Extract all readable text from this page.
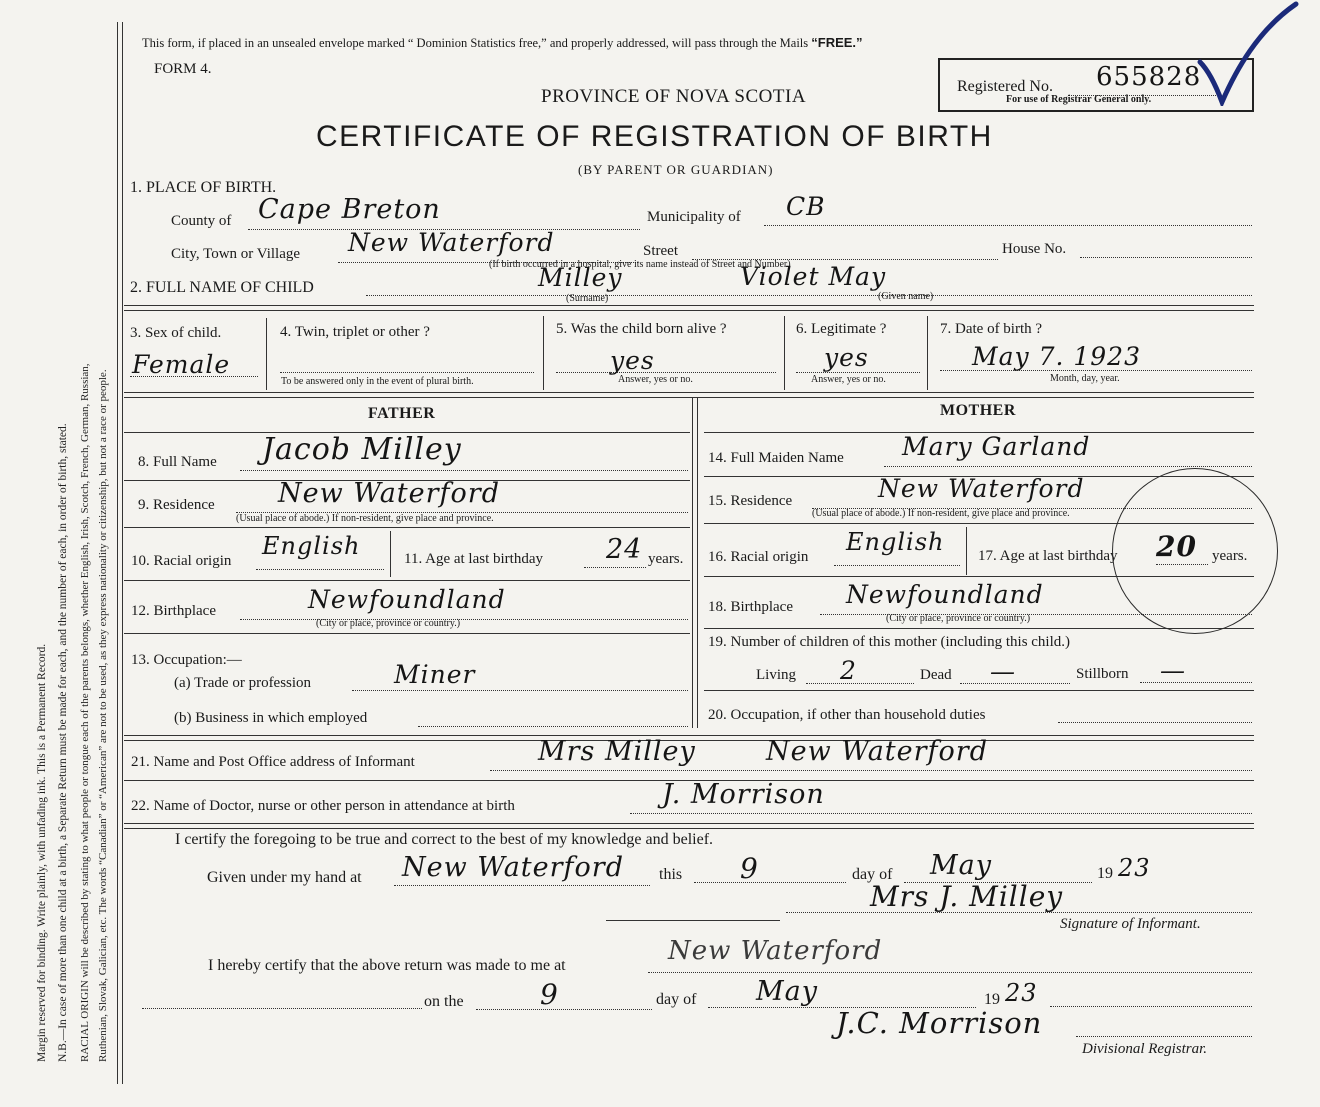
Margin reserved for binding. Write plainly, with unfading ink. This is a Permanent Record. N.B.—In case of more than one child at a birth, a Separate Return must be made for each, and the number of each, in order of birth, stated. RACIAL ORIGIN will be described by stating to what people or tongue each of the parents belongs, whether English, Irish, Scotch, French, German, Russian, Ruthenian, Slovak, Galician, etc. The words “Canadian” or “American” are not to be used, as they express nationality or citizenship, but not a race or people.
This form, if placed in an unsealed envelope marked “ Dominion Statistics free,” and properly addressed, will pass through the Mails “FREE.”
FORM 4.
PROVINCE OF NOVA SCOTIA
CERTIFICATE OF REGISTRATION OF BIRTH
(BY PARENT OR GUARDIAN)
Registered No. 655828
For use of Registrar General only.
1. PLACE OF BIRTH.
County of Cape Breton	Municipality of CB
City, Town or Village New Waterford	Street	House No.
(If birth occurred in a hospital, give its name instead of Street and Number)
2. FULL NAME OF CHILD	Milley	Violet May
(Surname)	(Given name)
3. Sex of child.
Female
4. Twin, triplet or other ?
To be answered only in the event of plural birth.
5. Was the child born alive ?
yes
Answer, yes or no.
6. Legitimate ?
yes
Answer, yes or no.
7. Date of birth ?
May 7. 1923
Month, day, year.
FATHER	MOTHER
8. Full Name Jacob Milley
9. Residence New Waterford
(Usual place of abode.) If non-resident, give place and province.
10. Racial origin
English	11. Age at last birthday 24 years.
12. Birthplace	Newfoundland
(City or place, province or country.)
13. Occupation:—
(a) Trade or profession	Miner
(b) Business in which employed
14. Full Maiden Name Mary Garland
15. Residence	New Waterford
(Usual place of abode.) If non-resident, give place and province.
16. Racial origin
English 17. Age at last birthday 20 years.
18. Birthplace Newfoundland
(City or place, province or country.)
19. Number of children of this mother (including this child.)
Living 2	Dead —	Stillborn —
20. Occupation, if other than household duties
21. Name and Post Office address of Informant	Mrs Milley	New Waterford
22. Name of Doctor, nurse or other person in attendance at birth	J. Morrison
I certify the foregoing to be true and correct to the best of my knowledge and belief.
Given under my hand at New Waterford this 9	day of May	19 23
Mrs J. Milley
Signature of Informant.
I hereby certify that the above return was made to me at	New Waterford
on the	9	day of May	19 23
J.C. Morrison
Divisional Registrar.
